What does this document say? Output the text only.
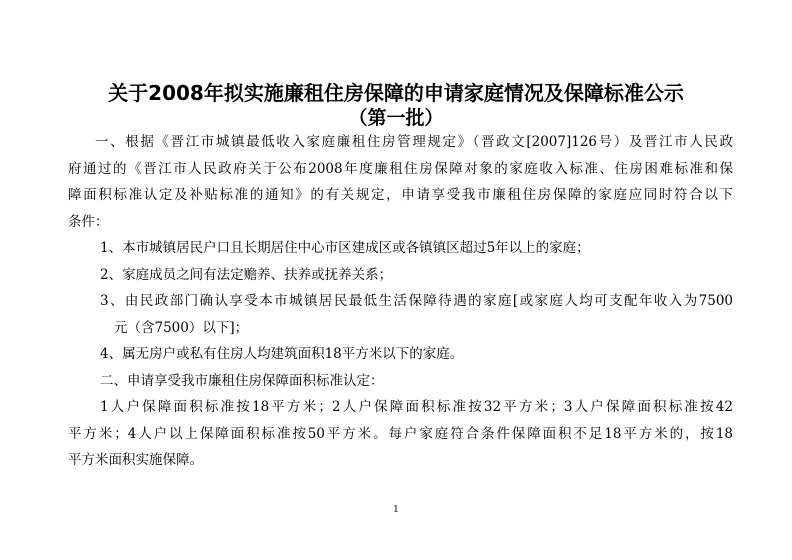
关于2008年拟实施廉租住房保障的申请家庭情况及保障标准公示
（第一批）
一、根据《晋江市城镇最低收入家庭廉租住房管理规定》（晋政文[2007]126号）及晋江市人民政
府通过的《晋江市人民政府关于公布2008年度廉租住房保障对象的家庭收入标准、住房困难标准和保
障面积标准认定及补贴标准的通知》的有关规定，申请享受我市廉租住房保障的家庭应同时符合以下
条件：
1、本市城镇居民户口且长期居住中心市区建成区或各镇镇区超过5年以上的家庭；
2、家庭成员之间有法定赡养、扶养或抚养关系；
3、由民政部门确认享受本市城镇居民最低生活保障待遇的家庭[或家庭人均可支配年收入为7500
元（含7500）以下]；
4、属无房户或私有住房人均建筑面积18平方米以下的家庭。
二、申请享受我市廉租住房保障面积标准认定：
1人户保障面积标准按18平方米；2人户保障面积标准按32平方米；3人户保障面积标准按42
平方米；4人户以上保障面积标准按50平方米。每户家庭符合条件保障面积不足18平方米的，按18
平方米面积实施保障。
1
